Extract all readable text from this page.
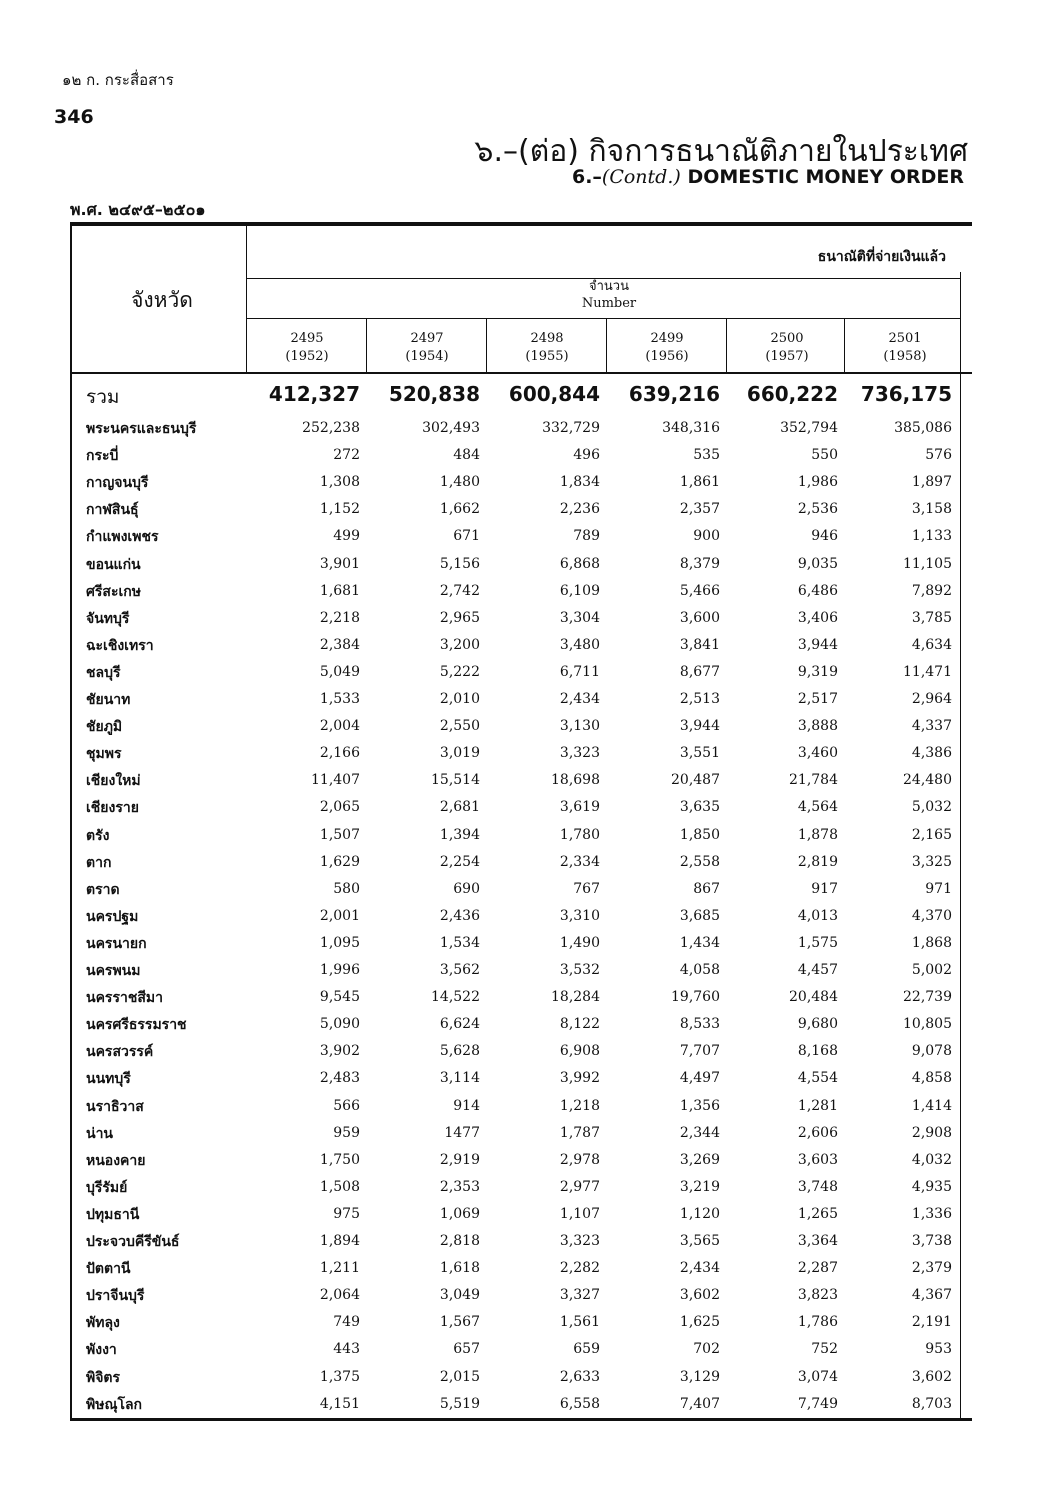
๑๒ ก. กระสื่อสาร
346
๖.–(ต่อ) กิจการธนาณัติภายในประเทศ
6.–(Contd.) DOMESTIC MONEY ORDER
พ.ศ. ๒๔๙๕–๒๕๐๑
จังหวัด
ธนาณัติที่จ่ายเงินแล้ว
จำนวน
Number
2495
(1952)
2497
(1954)
2498
(1955)
2499
(1956)
2500
(1957)
2501
(1958)
รวม	412,327	520,838	600,844	639,216	660,222	736,175
พระนครและธนบุรี	252,238	302,493	332,729	348,316	352,794	385,086
กระบี่	272	484	496	535	550	576
กาญจนบุรี	1,308	1,480	1,834	1,861	1,986	1,897
กาฬสินธุ์	1,152	1,662	2,236	2,357	2,536	3,158
กำแพงเพชร	499	671	789	900	946	1,133
ขอนแก่น	3,901	5,156	6,868	8,379	9,035	11,105
ศรีสะเกษ	1,681	2,742	6,109	5,466	6,486	7,892
จันทบุรี	2,218	2,965	3,304	3,600	3,406	3,785
ฉะเชิงเทรา	2,384	3,200	3,480	3,841	3,944	4,634
ชลบุรี	5,049	5,222	6,711	8,677	9,319	11,471
ชัยนาท	1,533	2,010	2,434	2,513	2,517	2,964
ชัยภูมิ	2,004	2,550	3,130	3,944	3,888	4,337
ชุมพร	2,166	3,019	3,323	3,551	3,460	4,386
เชียงใหม่	11,407	15,514	18,698	20,487	21,784	24,480
เชียงราย	2,065	2,681	3,619	3,635	4,564	5,032
ตรัง	1,507	1,394	1,780	1,850	1,878	2,165
ตาก	1,629	2,254	2,334	2,558	2,819	3,325
ตราด	580	690	767	867	917	971
นครปฐม	2,001	2,436	3,310	3,685	4,013	4,370
นครนายก	1,095	1,534	1,490	1,434	1,575	1,868
นครพนม	1,996	3,562	3,532	4,058	4,457	5,002
นครราชสีมา	9,545	14,522	18,284	19,760	20,484	22,739
นครศรีธรรมราช	5,090	6,624	8,122	8,533	9,680	10,805
นครสวรรค์	3,902	5,628	6,908	7,707	8,168	9,078
นนทบุรี	2,483	3,114	3,992	4,497	4,554	4,858
นราธิวาส	566	914	1,218	1,356	1,281	1,414
น่าน	959	1477	1,787	2,344	2,606	2,908
หนองคาย	1,750	2,919	2,978	3,269	3,603	4,032
บุรีรัมย์	1,508	2,353	2,977	3,219	3,748	4,935
ปทุมธานี	975	1,069	1,107	1,120	1,265	1,336
ประจวบคีรีขันธ์	1,894	2,818	3,323	3,565	3,364	3,738
ปัตตานี	1,211	1,618	2,282	2,434	2,287	2,379
ปราจีนบุรี	2,064	3,049	3,327	3,602	3,823	4,367
พัทลุง	749	1,567	1,561	1,625	1,786	2,191
พังงา	443	657	659	702	752	953
พิจิตร	1,375	2,015	2,633	3,129	3,074	3,602
พิษณุโลก	4,151	5,519	6,558	7,407	7,749	8,703
